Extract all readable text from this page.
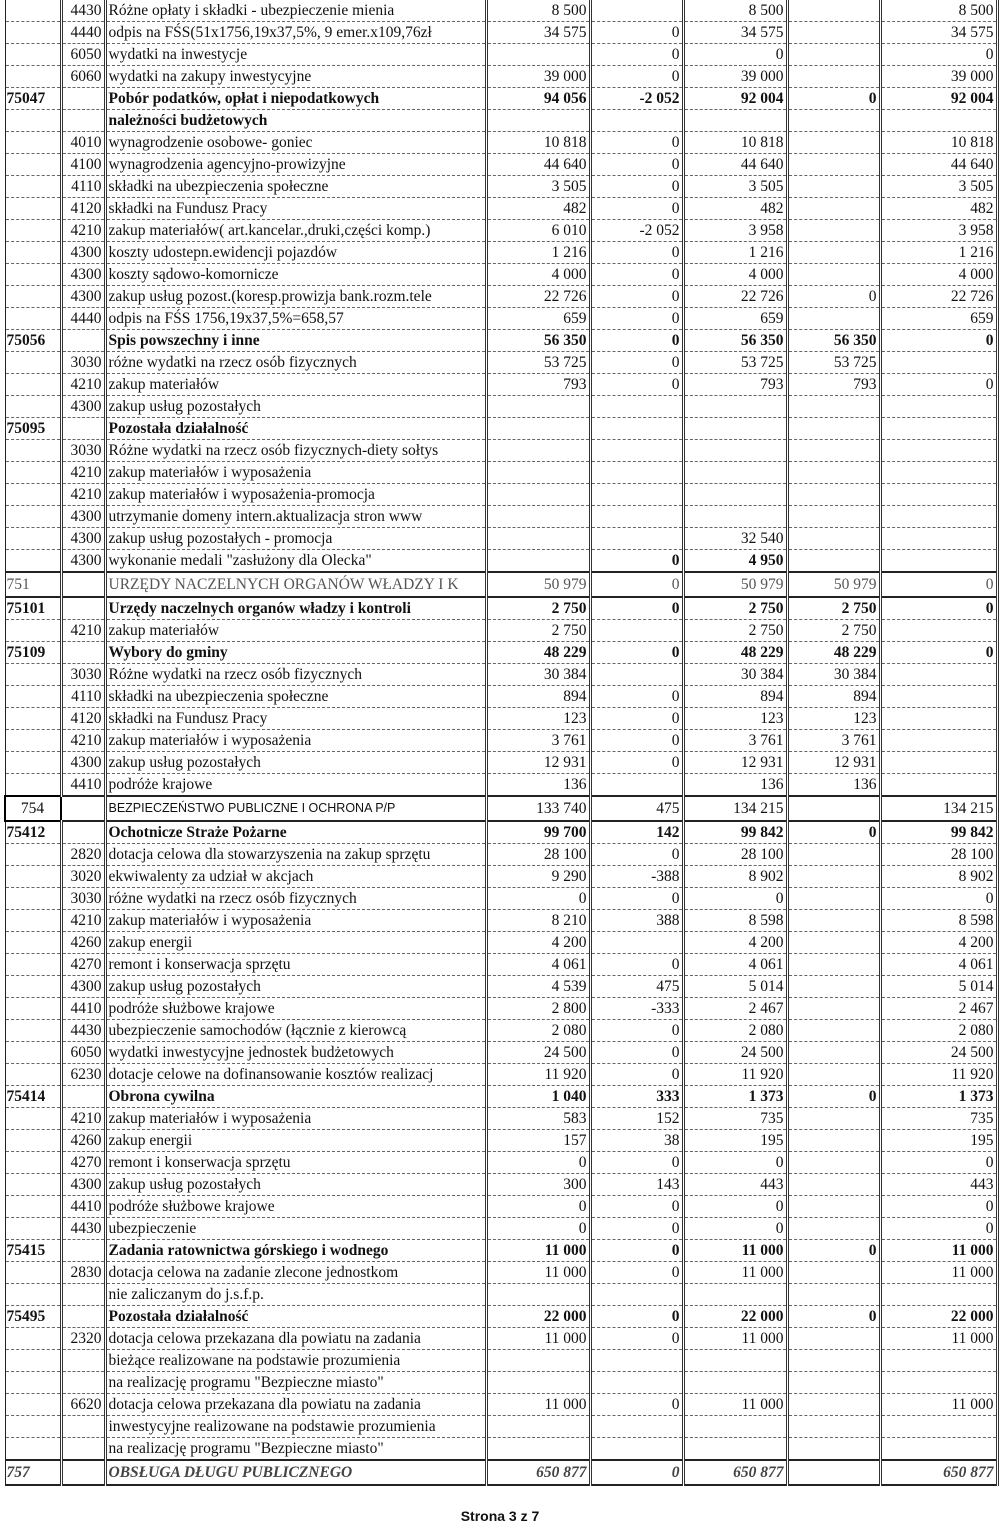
	4430	Różne opłaty i składki - ubezpieczenie mienia	8 500		8 500		8 500
	4440	odpis na FŚS(51x1756,19x37,5%, 9 emer.x109,76zł	34 575	0	34 575		34 575
	6050	wydatki na inwestycje		0	0		0
	6060	wydatki na zakupy inwestycyjne	39 000	0	39 000		39 000
75047		Pobór podatków, opłat i niepodatkowych	94 056	-2 052	92 004	0	92 004
		należności budżetowych					
	4010	wynagrodzenie osobowe- goniec	10 818	0	10 818		10 818
	4100	wynagrodzenia agencyjno-prowizyjne	44 640	0	44 640		44 640
	4110	składki na ubezpieczenia społeczne	3 505	0	3 505		3 505
	4120	składki na Fundusz Pracy	482	0	482		482
	4210	zakup materiałów( art.kancelar.,druki,części komp.)	6 010	-2 052	3 958		3 958
	4300	koszty udostepn.ewidencji pojazdów	1 216	0	1 216		1 216
	4300	koszty sądowo-komornicze	4 000	0	4 000		4 000
	4300	zakup usług pozost.(koresp.prowizja bank.rozm.tele	22 726	0	22 726	0	22 726
	4440	odpis na FŚS 1756,19x37,5%=658,57	659	0	659		659
75056		Spis powszechny i inne	56 350	0	56 350	56 350	0
	3030	różne wydatki na rzecz osób fizycznych	53 725	0	53 725	53 725	
	4210	zakup materiałów	793	0	793	793	0
	4300	zakup usług pozostałych					
75095		Pozostała działalność					
	3030	Różne wydatki na rzecz osób fizycznych-diety sołtys					
	4210	zakup materiałów i wyposażenia					
	4210	zakup materiałów i wyposażenia-promocja					
	4300	utrzymanie domeny intern.aktualizacja stron www					
	4300	zakup usług pozostałych - promocja			32 540		
	4300	wykonanie medali "zasłużony dla Olecka"		0	4 950		
751		URZĘDY NACZELNYCH ORGANÓW WŁADZY I K	50 979	0	50 979	50 979	0
75101		Urzędy naczelnych organów władzy i kontroli	2 750	0	2 750	2 750	0
	4210	zakup materiałów	2 750		2 750	2 750	
75109		Wybory do gminy	48 229	0	48 229	48 229	0
	3030	Różne wydatki na rzecz osób fizycznych	30 384		30 384	30 384	
	4110	składki na ubezpieczenia społeczne	894	0	894	894	
	4120	składki na Fundusz Pracy	123	0	123	123	
	4210	zakup materiałów i wyposażenia	3 761	0	3 761	3 761	
	4300	zakup usług pozostałych	12 931	0	12 931	12 931	
	4410	podróże krajowe	136		136	136	
754		BEZPIECZEŃSTWO PUBLICZNE I OCHRONA P/P	133 740	475	134 215		134 215
75412		Ochotnicze Straże Pożarne	99 700	142	99 842	0	99 842
	2820	dotacja celowa dla stowarzyszenia na zakup sprzętu	28 100	0	28 100		28 100
	3020	ekwiwalenty za udział w akcjach	9 290	-388	8 902		8 902
	3030	różne wydatki na rzecz osób fizycznych	0	0	0		0
	4210	zakup materiałów i wyposażenia	8 210	388	8 598		8 598
	4260	zakup energii	4 200		4 200		4 200
	4270	remont i konserwacja sprzętu	4 061	0	4 061		4 061
	4300	zakup usług pozostałych	4 539	475	5 014		5 014
	4410	podróże służbowe krajowe	2 800	-333	2 467		2 467
	4430	ubezpieczenie samochodów (łącznie z kierowcą	2 080	0	2 080		2 080
	6050	wydatki inwestycyjne jednostek budżetowych	24 500	0	24 500		24 500
	6230	dotacje celowe na dofinansowanie kosztów realizacj	11 920	0	11 920		11 920
75414		Obrona cywilna	1 040	333	1 373	0	1 373
	4210	zakup materiałów i wyposażenia	583	152	735		735
	4260	zakup energii	157	38	195		195
	4270	remont i konserwacja sprzętu	0	0	0		0
	4300	zakup usług pozostałych	300	143	443		443
	4410	podróże służbowe krajowe	0	0	0		0
	4430	ubezpieczenie	0	0	0		0
75415		Zadania ratownictwa górskiego i wodnego	11 000	0	11 000	0	11 000
	2830	dotacja celowa na zadanie zlecone jednostkom	11 000	0	11 000		11 000
		nie zaliczanym do j.s.f.p.					
75495		Pozostała działalność	22 000	0	22 000	0	22 000
	2320	dotacja celowa przekazana dla powiatu na zadania	11 000	0	11 000		11 000
		bieżące realizowane na podstawie prozumienia					
		na realizację programu "Bezpieczne miasto"					
	6620	dotacja celowa przekazana dla powiatu na zadania	11 000	0	11 000		11 000
		inwestycyjne realizowane na podstawie prozumienia					
		na realizację programu "Bezpieczne miasto"					
757		OBSŁUGA DŁUGU PUBLICZNEGO	650 877	0	650 877		650 877
Strona 3 z 7
